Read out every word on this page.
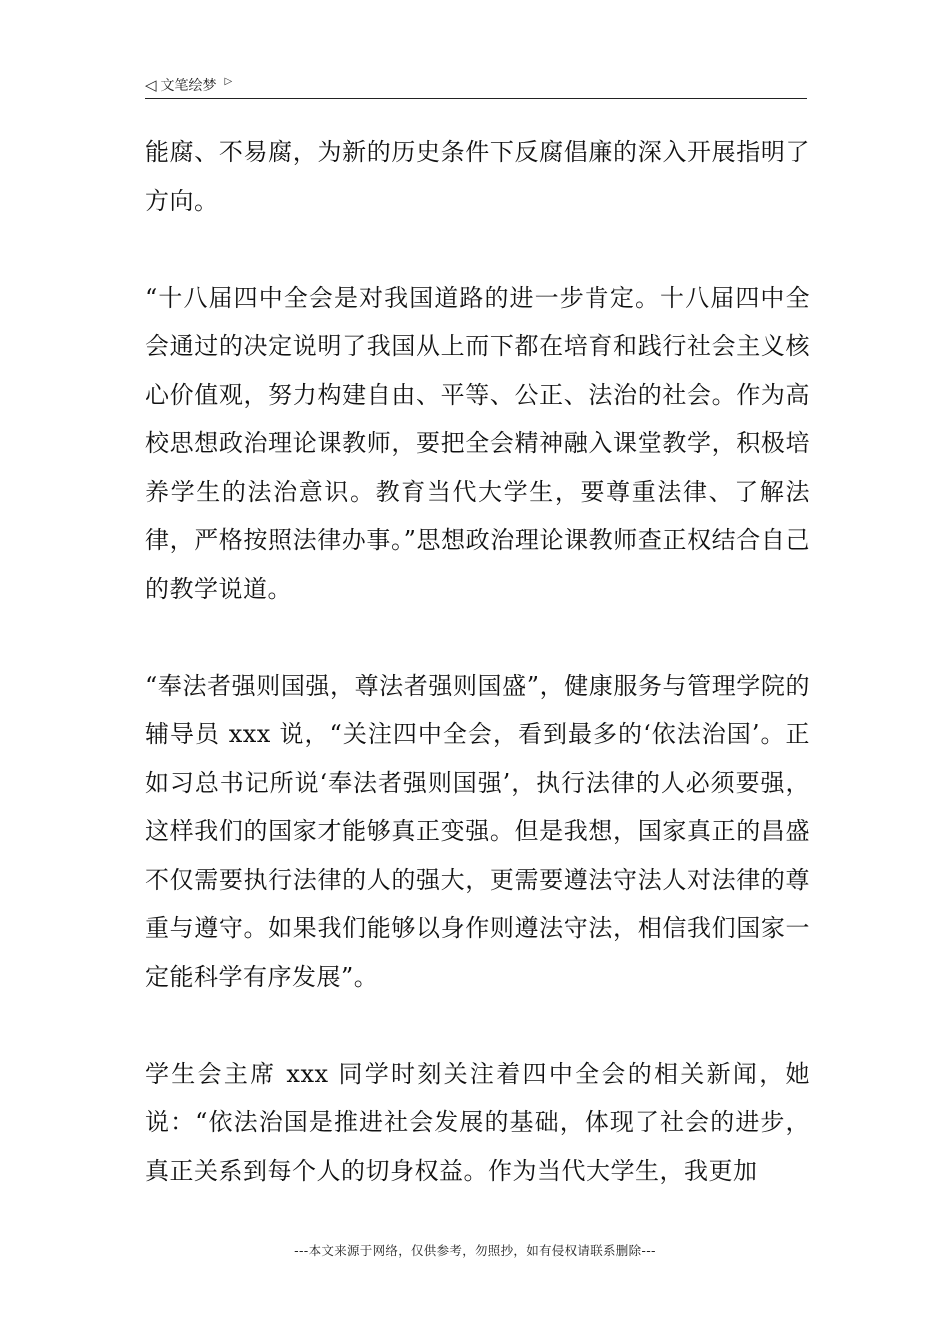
◁ 文笔绘梦 ▷

能腐、不易腐，为新的历史条件下反腐倡廉的深入开展指明了方向。

“十八届四中全会是对我国道路的进一步肯定。十八届四中全会通过的决定说明了我国从上而下都在培育和践行社会主义核心价值观，努力构建自由、平等、公正、法治的社会。作为高校思想政治理论课教师，要把全会精神融入课堂教学，积极培养学生的法治意识。教育当代大学生，要尊重法律、了解法律，严格按照法律办事。”思想政治理论课教师查正权结合自己的教学说道。

“奉法者强则国强，尊法者强则国盛”，健康服务与管理学院的辅导员 xxx 说，“关注四中全会，看到最多的‘依法治国’。正如习总书记所说‘奉法者强则国强’，执行法律的人必须要强，这样我们的国家才能够真正变强。但是我想，国家真正的昌盛不仅需要执行法律的人的强大，更需要遵法守法人对法律的尊重与遵守。如果我们能够以身作则遵法守法，相信我们国家一定能科学有序发展”。

学生会主席 xxx 同学时刻关注着四中全会的相关新闻，她说：“依法治国是推进社会发展的基础，体现了社会的进步，真正关系到每个人的切身权益。作为当代大学生，我更加

---本文来源于网络，仅供参考，勿照抄，如有侵权请联系删除---
